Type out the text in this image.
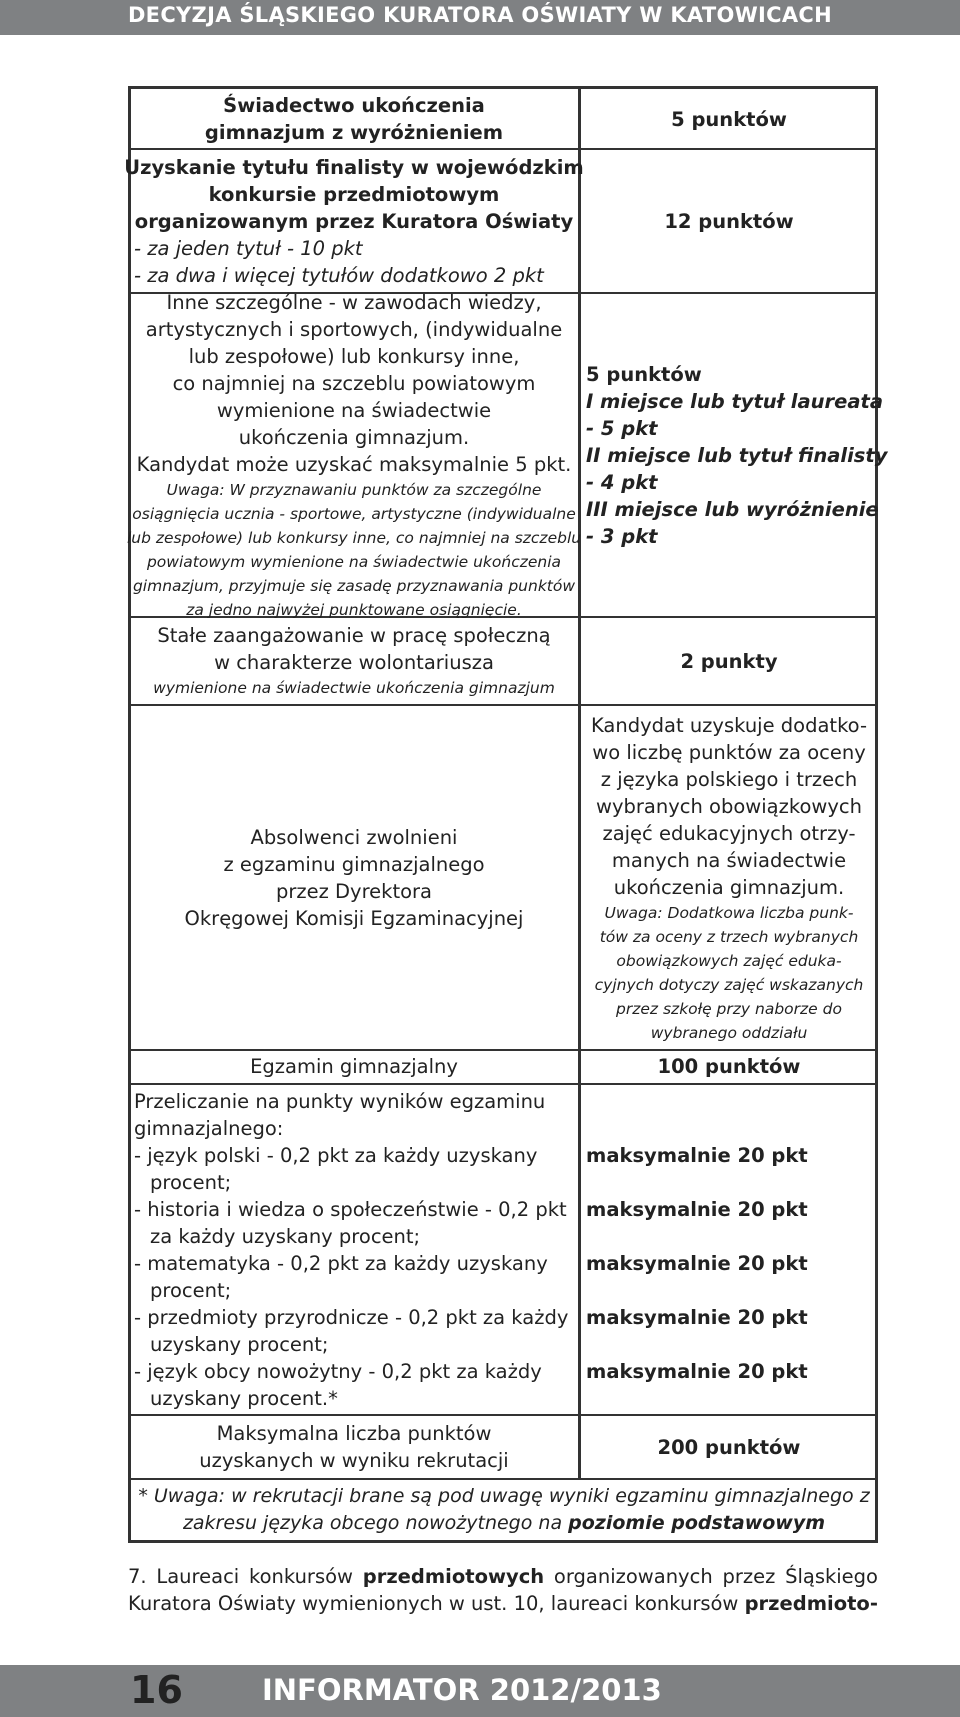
DECYZJA ŚLĄSKIEGO KURATORA OŚWIATY W KATOWICACH
Świadectwo ukończenia
gimnazjum z wyróżnieniem
5 punktów
Uzyskanie tytułu finalisty w wojewódzkim
konkursie przedmiotowym
organizowanym przez Kuratora Oświaty
- za jeden tytuł - 10 pkt
- za dwa i więcej tytułów dodatkowo 2 pkt
12 punktów
Inne szczególne - w zawodach wiedzy,
artystycznych i sportowych, (indywidualne
lub zespołowe) lub konkursy inne,
co najmniej na szczeblu powiatowym
wymienione na świadectwie
ukończenia gimnazjum.
Kandydat może uzyskać maksymalnie 5 pkt.
Uwaga: W przyznawaniu punktów za szczególne
osiągnięcia ucznia - sportowe, artystyczne (indywidualne
lub zespołowe) lub konkursy inne, co najmniej na szczeblu
powiatowym wymienione na świadectwie ukończenia
gimnazjum, przyjmuje się zasadę przyznawania punktów
za jedno najwyżej punktowane osiągnięcie.
5 punktów
I miejsce lub tytuł laureata
- 5 pkt
II miejsce lub tytuł finalisty
- 4 pkt
III miejsce lub wyróżnienie
- 3 pkt
Stałe zaangażowanie w pracę społeczną
w charakterze wolontariusza
wymienione na świadectwie ukończenia gimnazjum
2 punkty
Absolwenci zwolnieni
z egzaminu gimnazjalnego
przez Dyrektora
Okręgowej Komisji Egzaminacyjnej
Kandydat uzyskuje dodatko-
wo liczbę punktów za oceny
z języka polskiego i trzech
wybranych obowiązkowych
zajęć edukacyjnych otrzy-
manych na świadectwie
ukończenia gimnazjum.
Uwaga: Dodatkowa liczba punk-
tów za oceny z trzech wybranych
obowiązkowych zajęć eduka-
cyjnych dotyczy zajęć wskazanych
przez szkołę przy naborze do
wybranego oddziału
Egzamin gimnazjalny	100 punktów
Przeliczanie na punkty wyników egzaminu
gimnazjalnego:
- język polski - 0,2 pkt za każdy uzyskany
procent;
- historia i wiedza o społeczeństwie - 0,2 pkt
za każdy uzyskany procent;
- matematyka - 0,2 pkt za każdy uzyskany
procent;
- przedmioty przyrodnicze - 0,2 pkt za każdy
uzyskany procent;
- język obcy nowożytny - 0,2 pkt za każdy
uzyskany procent.*

maksymalnie 20 pkt

maksymalnie 20 pkt

maksymalnie 20 pkt

maksymalnie 20 pkt

maksymalnie 20 pkt
Maksymalna liczba punktów
uzyskanych w wyniku rekrutacji
200 punktów
* Uwaga: w rekrutacji brane są pod uwagę wyniki egzaminu gimnazjalnego z
zakresu języka obcego nowożytnego na poziomie podstawowym
7. Laureaci konkursów przedmiotowych organizowanych przez Śląskiego Kuratora Oświaty wymienionych w ust. 10, laureaci konkursów przedmioto-
16	INFORMATOR 2012/2013
